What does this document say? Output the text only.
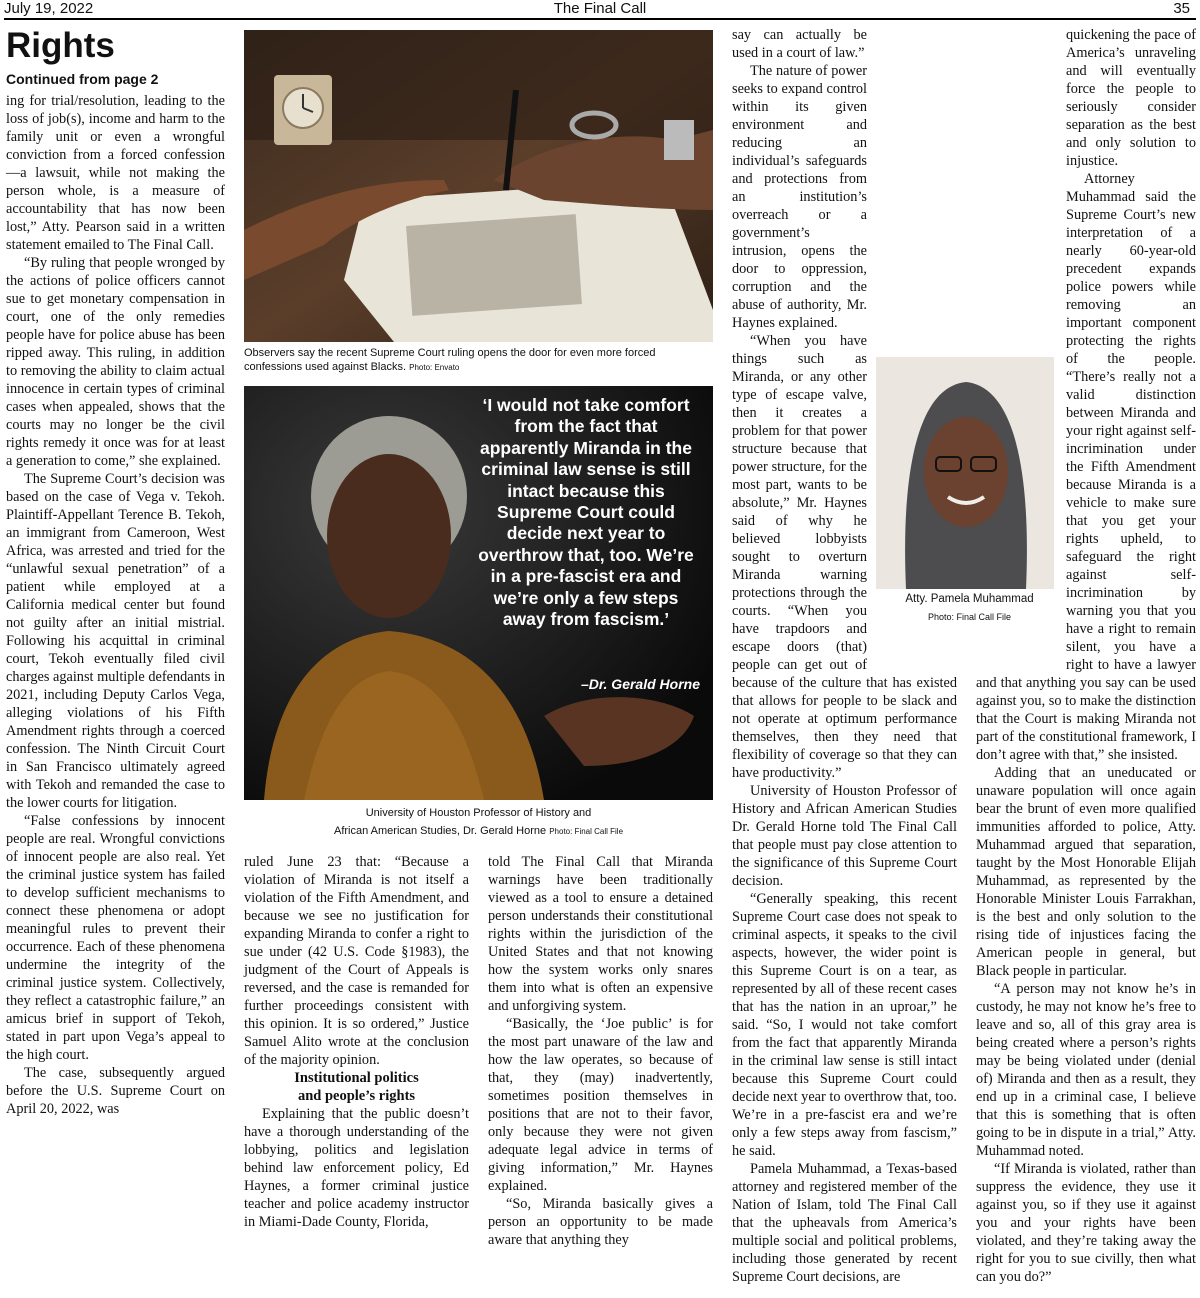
July 19, 2022	The Final Call	35
Rights
Continued from page 2

ing for trial/resolution, leading to the loss of job(s), income and harm to the family unit or even a wrongful conviction from a forced confession—a lawsuit, while not making the person whole, is a measure of accountability that has now been lost,” Atty. Pearson said in a written statement emailed to The Final Call.

“By ruling that people wronged by the actions of police officers cannot sue to get monetary compensation in court, one of the only remedies people have for police abuse has been ripped away. This ruling, in addition to removing the ability to claim actual innocence in certain types of criminal cases when appealed, shows that the courts may no longer be the civil rights remedy it once was for at least a generation to come,” she explained.

The Supreme Court’s decision was based on the case of Vega v. Tekoh. Plaintiff-Appellant Terence B. Tekoh, an immigrant from Cameroon, West Africa, was arrested and tried for the “unlawful sexual penetration” of a patient while employed at a California medical center but found not guilty after an initial mistrial. Following his acquittal in criminal court, Tekoh eventually filed civil charges against multiple defendants in 2021, including Deputy Carlos Vega, alleging violations of his Fifth Amendment rights through a coerced confession. The Ninth Circuit Court in San Francisco ultimately agreed with Tekoh and remanded the case to the lower courts for litigation.

“False confessions by innocent people are real. Wrongful convictions of innocent people are also real. Yet the criminal justice system has failed to develop sufficient mechanisms to connect these phenomena or adopt meaningful rules to prevent their occurrence. Each of these phenomena undermine the integrity of the criminal justice system. Collectively, they reflect a catastrophic failure,” an amicus brief in support of Tekoh, stated in part upon Vega’s appeal to the high court.

The case, subsequently argued before the U.S. Supreme Court on April 20, 2022, was

Observers say the recent Supreme Court ruling opens the door for even more forced confessions used against Blacks. Photo: Envato
‘I would not take comfort from the fact that apparently Miranda in the criminal law sense is still intact because this Supreme Court could decide next year to overthrow that, too. We’re in a pre-fascist era and we’re only a few steps away from fascism.’
–Dr. Gerald Horne
University of Houston Professor of History and
African American Studies, Dr. Gerald Horne Photo: Final Call File

ruled June 23 that: “Because a violation of Miranda is not itself a violation of the Fifth Amendment, and because we see no justification for expanding Miranda to confer a right to sue under (42 U.S. Code §1983), the judgment of the Court of Appeals is reversed, and the case is remanded for further proceedings consistent with this opinion. It is so ordered,” Justice Samuel Alito wrote at the conclusion of the majority opinion.

Institutional politics
and people’s rights

Explaining that the public doesn’t have a thorough understanding of the lobbying, politics and legislation behind law enforcement policy, Ed Haynes, a former criminal justice teacher and police academy instructor in Miami-Dade County, Florida,

told The Final Call that Miranda warnings have been traditionally viewed as a tool to ensure a detained person understands their constitutional rights within the jurisdiction of the United States and that not knowing how the system works only snares them into what is often an expensive and unforgiving system.

“Basically, the ‘Joe public’ is for the most part unaware of the law and how the law operates, so because of that, they (may) inadvertently, sometimes position themselves in positions that are not to their favor, only because they were not given adequate legal advice in terms of giving information,” Mr. Haynes explained.

“So, Miranda basically gives a person an opportunity to be made aware that anything they

Atty. Pamela Muhammad
Photo: Final Call File

say can actually be used in a court of law.”

The nature of power seeks to expand control within its given environment and reducing an individual’s safeguards and protections from an institution’s overreach or a government’s intrusion, opens the door to oppression, corruption and the abuse of authority, Mr. Haynes explained.

“When you have things such as Miranda, or any other type of escape valve, then it creates a problem for that power structure because that power structure, for the most part, wants to be absolute,” Mr. Haynes said of why he believed lobbyists sought to overturn Miranda warning protections through the courts. “When you have trapdoors and escape doors (that) people can get out of because of the culture that has existed that allows for people to be slack and not operate at optimum performance themselves, then they need that flexibility of coverage so that they can have productivity.”

University of Houston Professor of History and African American Studies Dr. Gerald Horne told The Final Call that people must pay close attention to the significance of this Supreme Court decision.

“Generally speaking, this recent Supreme Court case does not speak to criminal aspects, it speaks to the civil aspects, however, the wider point is this Supreme Court is on a tear, as represented by all of these recent cases that has the nation in an uproar,” he said. “So, I would not take comfort from the fact that apparently Miranda in the criminal law sense is still intact because this Supreme Court could decide next year to overthrow that, too. We’re in a pre-fascist era and we’re only a few steps away from fascism,” he said.

Pamela Muhammad, a Texas-based attorney and registered member of the Nation of Islam, told The Final Call that the upheavals from America’s multiple social and political problems, including those generated by recent Supreme Court decisions, are

quickening the pace of America’s unraveling and will eventually force the people to seriously consider separation as the best and only solution to injustice.

Attorney Muhammad said the Supreme Court’s new interpretation of a nearly 60-year-old precedent expands police powers while removing an important component protecting the rights of the people. “There’s really not a valid distinction between Miranda and your right against self-incrimination under the Fifth Amendment because Miranda is a vehicle to make sure that you get your rights upheld, to safeguard the right against self-incrimination by warning you that you have a right to remain silent, you have a right to have a lawyer and that anything you say can be used against you, so to make the distinction that the Court is making Miranda not part of the constitutional framework, I don’t agree with that,” she insisted.

Adding that an uneducated or unaware population will once again bear the brunt of even more qualified immunities afforded to police, Atty. Muhammad argued that separation, taught by the Most Honorable Elijah Muhammad, as represented by the Honorable Minister Louis Farrakhan, is the best and only solution to the rising tide of injustices facing the American people in general, but Black people in particular.

“A person may not know he’s in custody, he may not know he’s free to leave and so, all of this gray area is being created where a person’s rights may be being violated under (denial of) Miranda and then as a result, they end up in a criminal case, I believe that this is something that is often going to be in dispute in a trial,” Atty. Muhammad noted.

“If Miranda is violated, rather than suppress the evidence, they use it against you, so if they use it against you and your rights have been violated, and they’re taking away the right for you to sue civilly, then what can you do?”
